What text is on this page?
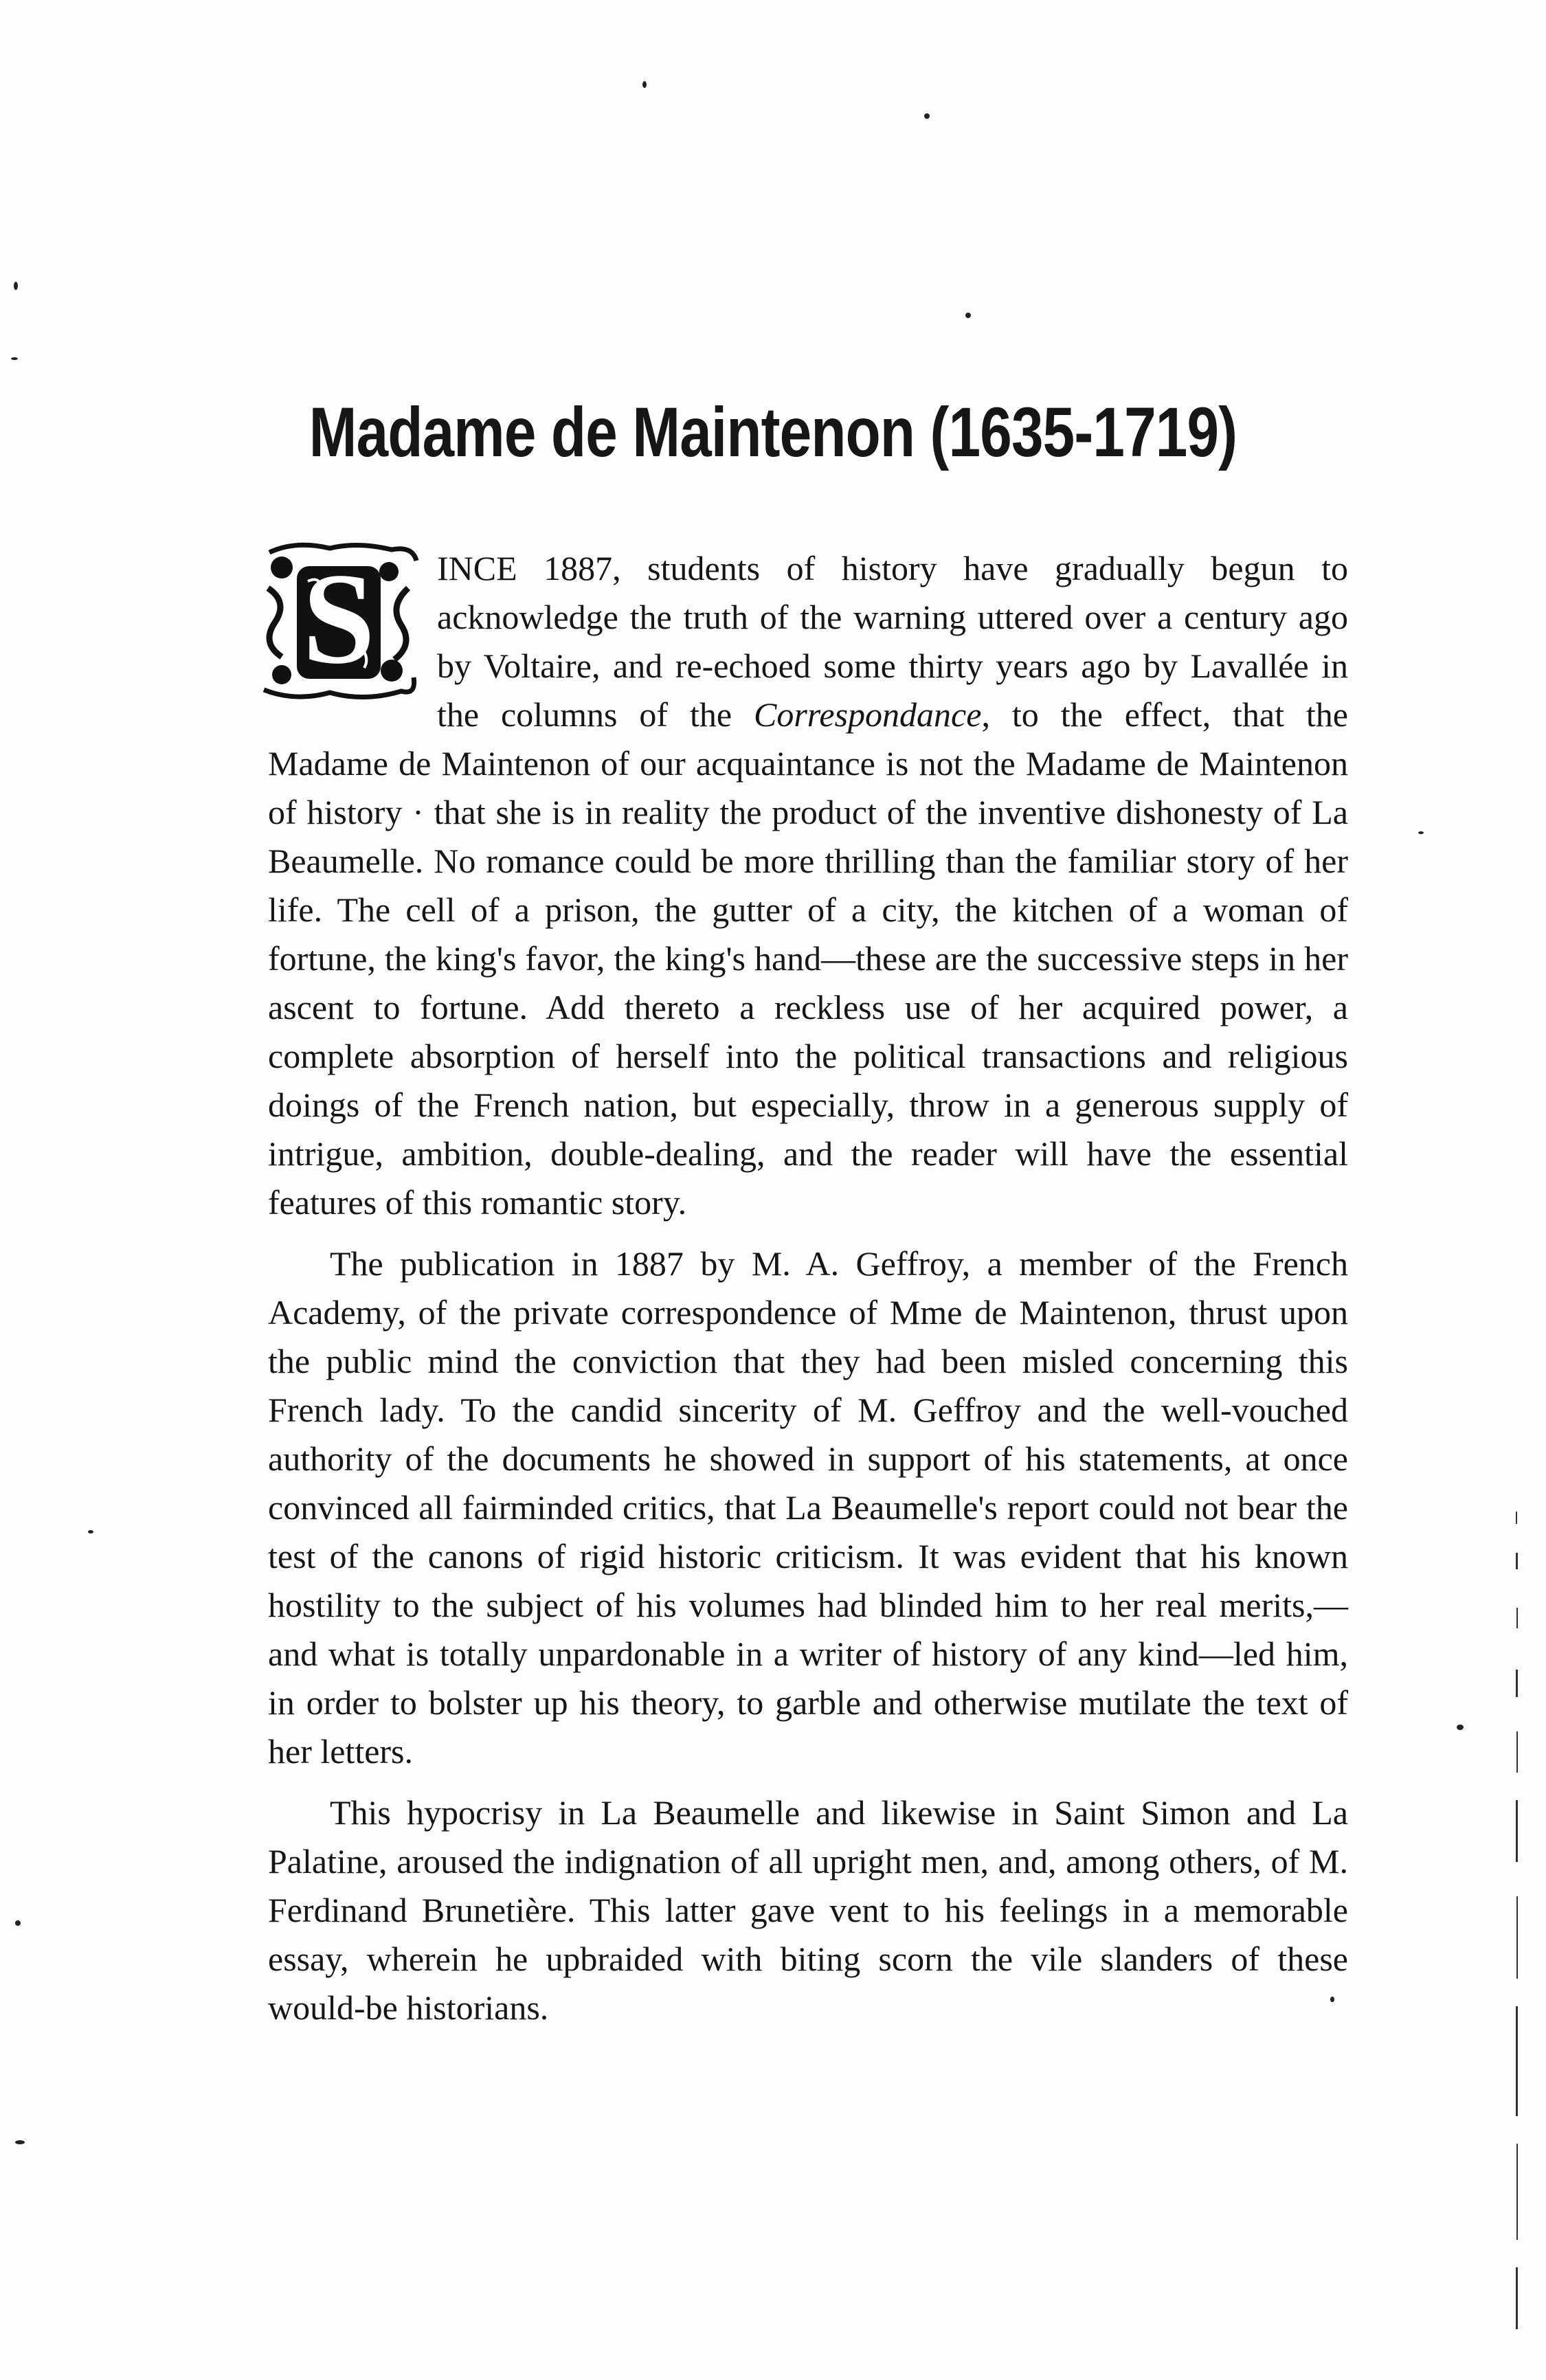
Madame de Maintenon (1635-1719)

S INCE 1887, students of history have gradually begun to acknowledge the truth of the warning uttered over a century ago by Voltaire, and re-echoed some thirty years ago by Lavallée in the columns of the Correspondance, to the effect, that the Madame de Maintenon of our acquaintance is not the Madame de Maintenon of history · that she is in reality the product of the inventive dishonesty of La Beaumelle. No romance could be more thrilling than the familiar story of her life. The cell of a prison, the gutter of a city, the kitchen of a woman of fortune, the king's favor, the king's hand—these are the successive steps in her ascent to fortune. Add thereto a reckless use of her acquired power, a complete absorption of herself into the political transactions and religious doings of the French nation, but especially, throw in a generous supply of intrigue, ambition, double-dealing, and the reader will have the essential features of this romantic story.

The publication in 1887 by M. A. Geffroy, a member of the French Academy, of the private correspondence of Mme de Maintenon, thrust upon the public mind the conviction that they had been misled concerning this French lady. To the candid sincerity of M. Geffroy and the well-vouched authority of the documents he showed in support of his statements, at once convinced all fairminded critics, that La Beaumelle's report could not bear the test of the canons of rigid historic criticism. It was evident that his known hostility to the subject of his volumes had blinded him to her real merits,—and what is totally unpardonable in a writer of history of any kind—led him, in order to bolster up his theory, to garble and otherwise mutilate the text of her letters.

This hypocrisy in La Beaumelle and likewise in Saint Simon and La Palatine, aroused the indignation of all upright men, and, among others, of M. Ferdinand Brunetière. This latter gave vent to his feelings in a memorable essay, wherein he upbraided with biting scorn the vile slanders of these would-be historians.
